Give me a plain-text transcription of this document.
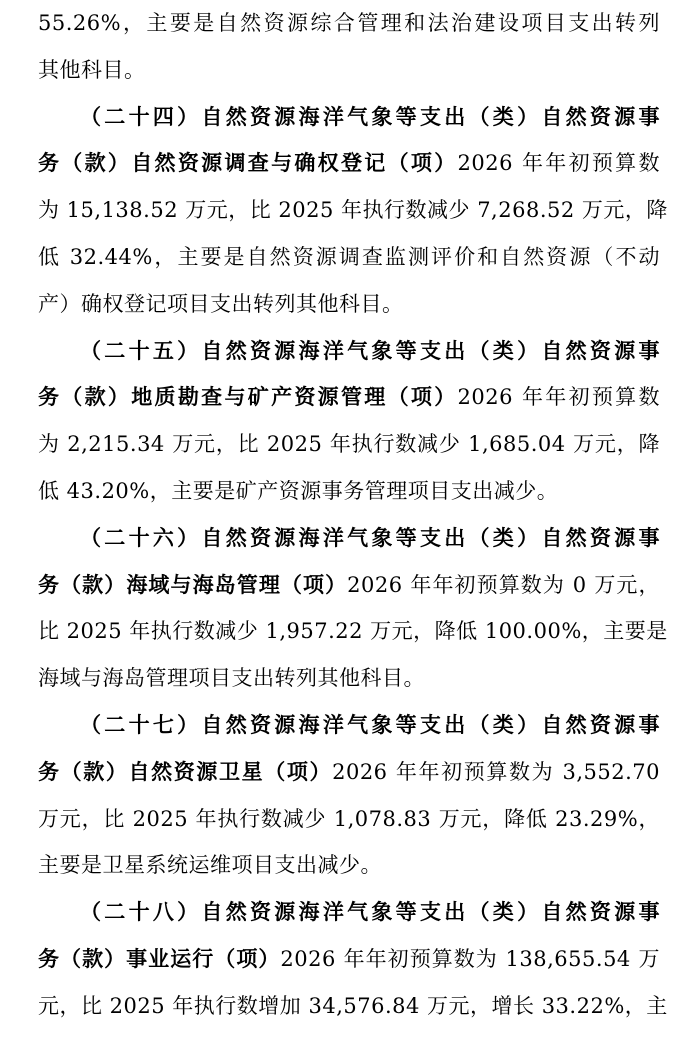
55.26%，主要是自然资源综合管理和法治建设项目支出转列
其他科目。

（二十四）自然资源海洋气象等支出（类）自然资源事
务（款）自然资源调查与确权登记（项）2026 年年初预算数
为 15,138.52 万元，比 2025 年执行数减少 7,268.52 万元，降
低 32.44%，主要是自然资源调查监测评价和自然资源（不动
产）确权登记项目支出转列其他科目。

（二十五）自然资源海洋气象等支出（类）自然资源事
务（款）地质勘查与矿产资源管理（项）2026 年年初预算数
为 2,215.34 万元，比 2025 年执行数减少 1,685.04 万元，降
低 43.20%，主要是矿产资源事务管理项目支出减少。

（二十六）自然资源海洋气象等支出（类）自然资源事
务（款）海域与海岛管理（项）2026 年年初预算数为 0 万元，
比 2025 年执行数减少 1,957.22 万元，降低 100.00%，主要是
海域与海岛管理项目支出转列其他科目。

（二十七）自然资源海洋气象等支出（类）自然资源事
务（款）自然资源卫星（项）2026 年年初预算数为 3,552.70
万元，比 2025 年执行数减少 1,078.83 万元，降低 23.29%，
主要是卫星系统运维项目支出减少。

（二十八）自然资源海洋气象等支出（类）自然资源事
务（款）事业运行（项）2026 年年初预算数为 138,655.54 万
元，比 2025 年执行数增加 34,576.84 万元，增长 33.22%，主
